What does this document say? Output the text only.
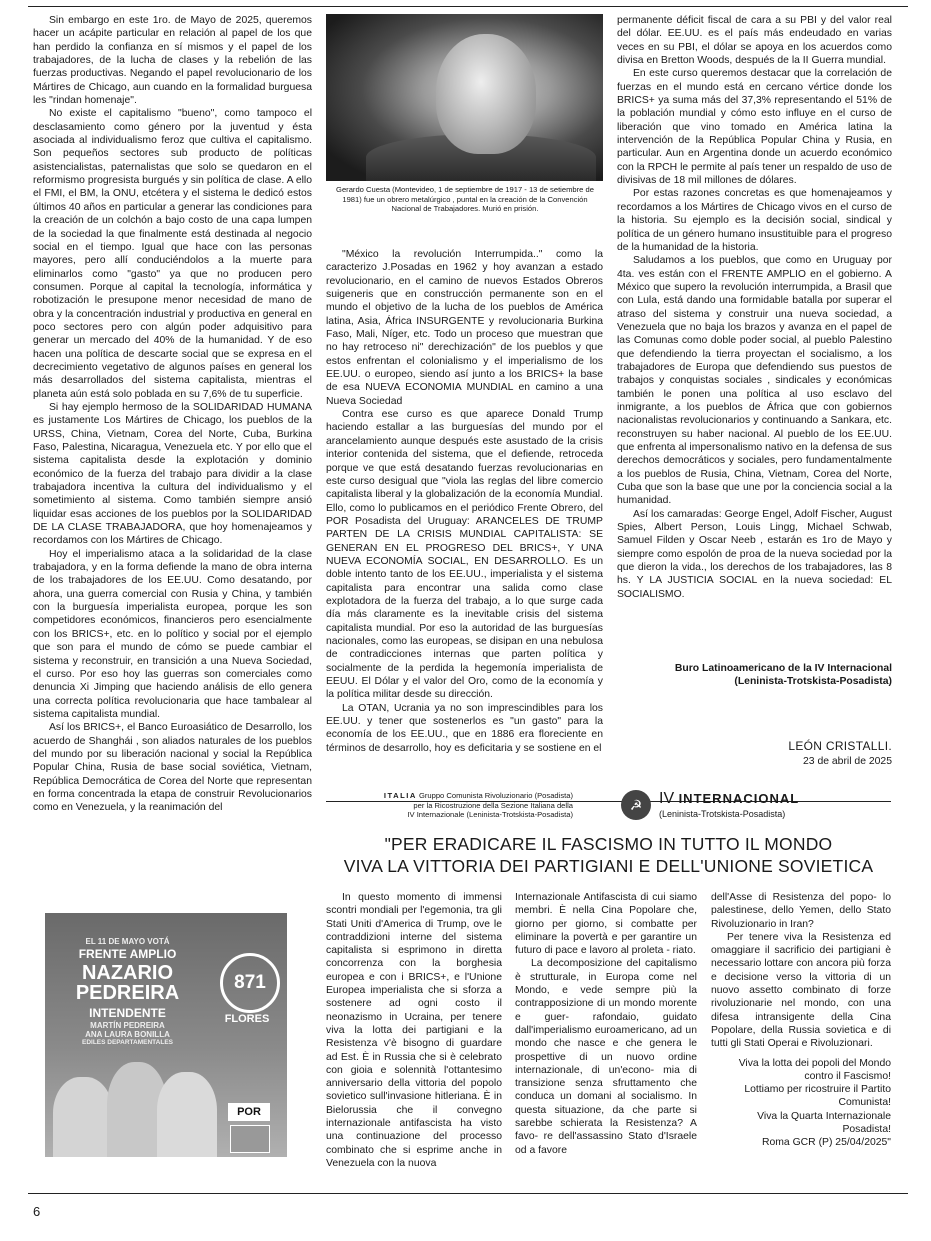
Sin embargo en este 1ro. de Mayo de 2025, queremos hacer un acápite particular en relación al papel de los que han perdido la confianza en sí mismos y el papel de los trabajadores, de la lucha de clases y la rebelión de las fuerzas productivas. Negando el papel revolucionario de los Mártires de Chicago, aun cuando en la formalidad burguesa les "rindan homenaje".

No existe el capitalismo "bueno", como tampoco el desclasamiento como género por la juventud y ésta asociada al individualismo feroz que cultiva el capitalismo. Son pequeños sectores sub producto de políticas asistencialistas, paternalistas que solo se quedaron en el reformismo progresista burgués y sin política de clase. A ello el FMI, el BM, la ONU, etcétera y el sistema le dedicó estos últimos 40 años en particular a generar las condiciones para la creación de un colchón a bajo costo de una capa lumpen de la sociedad la que finalmente está destinada al negocio social en el tiempo. Igual que hace con las personas mayores, pero allí conduciéndolos a la muerte para eliminarlos como "gasto" ya que no producen pero consumen. Porque al capital la tecnología, informática y robotización le presupone menor necesidad de mano de obra y la concentración industrial y productiva en general en poco sectores pero con algún poder adquisitivo para generar un mercado del 40% de la humanidad. Y de eso hacen una política de descarte social que se expresa en el decrecimiento vegetativo de algunos países en general los más desarrollados del sistema capitalista, mientras el planeta aún está solo poblada en su 7,6% de tu superficie.

Si hay ejemplo hermoso de la SOLIDARIDAD HUMANA es justamente Los Mártires de Chicago, los pueblos de la URSS, China, Vietnam, Corea del Norte, Cuba, Burkina Faso, Palestina, Nicaragua, Venezuela etc. Y por ello que el sistema capitalista desde la explotación y dominio económico de la fuerza del trabajo para dividir a la clase trabajadora incentiva la cultura del individualismo y el sometimiento al sistema. Como también siempre ansió liquidar esas acciones de los pueblos por la SOLIDARIDAD DE LA CLASE TRABAJADORA, que hoy homenajeamos y recordamos con los Mártires de Chicago.

Hoy el imperialismo ataca a la solidaridad de la clase trabajadora, y en la forma defiende la mano de obra interna de los trabajadores de los EE.UU. Como desatando, por ahora, una guerra comercial con Rusia y China, y también con la burguesía imperialista europea, porque les son competidores económicos, financieros pero esencialmente con los BRICS+, etc. en lo político y social por el ejemplo que son para el mundo de cómo se puede cambiar el sistema y reconstruir, en transición a una Nueva Sociedad, el curso. Por eso hoy las guerras son comerciales como denuncia Xi Jimping que haciendo análisis de ello genera una correcta política revolucionaria que hace tambalear al sistema capitalista mundial.

Así los BRICS+, el Banco Euroasiático de Desarrollo, los acuerdo de Shanghái , son aliados naturales de los pueblos del mundo por su liberación nacional y social la República Popular China, Rusia de base social soviética, Vietnam, República Democrática de Corea del Norte que representan en forma concentrada la etapa de construir Revolucionarios como en Venezuela, y la reanimación del

Gerardo Cuesta (Montevideo, 1 de septiembre de 1917 - 13 de setiembre de 1981) fue un obrero metalúrgico , puntal en la creación de la Convención Nacional de Trabajadores. Murió en prisión.

"México la revolución Interrumpida.." como la caracterizo J.Posadas en 1962 y hoy avanzan a estado revolucionario, en el camino de nuevos Estados Obreros suigeneris que en construcción permanente son en el mundo el objetivo de la lucha de los pueblos de América latina, Asia, África INSURGENTE y revolucionaria Burkina Faso, Mali, Níger, etc. Todo un proceso que muestran que no hay retroceso ni" derechización" de los pueblos y que estos enfrentan el colonialismo y el imperialismo de los EE.UU. o europeo, siendo así junto a los BRICS+ la base de esa NUEVA ECONOMIA MUNDIAL en camino a una Nueva Sociedad

Contra ese curso es que aparece Donald Trump haciendo estallar a las burguesías del mundo por el arancelamiento aunque después este asustado de la crisis interior contenida del sistema, que el defiende, retroceda porque ve que está desatando fuerzas revolucionarias en este curso desigual que "viola las reglas del libre comercio capitalista liberal y la globalización de la economía Mundial. Ello, como lo publicamos en el periódico Frente Obrero, del POR Posadista del Uruguay: ARANCELES DE TRUMP PARTEN DE LA CRISIS MUNDIAL CAPITALISTA: SE GENERAN EN EL PROGRESO DEL BRICS+, Y UNA NUEVA ECONOMÍA SOCIAL, EN DESARROLLO. Es un doble intento tanto de los EE.UU., imperialista y el sistema capitalista para encontrar una salida como clase explotadora de la fuerza del trabajo, a lo que surge cada día más claramente es la inevitable crisis del sistema capitalista mundial. Por eso la autoridad de las burguesías nacionales, como las europeas, se disipan en una nebulosa de contradicciones internas que parten política y socialmente de la perdida la hegemonía imperialista de EEUU. El Dólar y el valor del Oro, como de la economía y la política militar desde su dirección.

La OTAN, Ucrania ya no son imprescindibles para los EE.UU. y tener que sostenerlos es "un gasto" para la economía de los EE.UU., que en 1886 era floreciente en términos de desarrollo, hoy es deficitaria y se sostiene en el

permanente déficit fiscal de cara a su PBI y del valor real del dólar. EE.UU. es el país más endeudado en varias veces en su PBI, el dólar se apoya en los acuerdos como divisa en Bretton Woods, después de la II Guerra mundial.

En este curso queremos destacar que la correlación de fuerzas en el mundo está en cercano vértice donde los BRICS+ ya suma más del 37,3% representando el 51% de la población mundial y cómo esto influye en el curso de liberación que vino tomado en América latina la intervención de la República Popular China y Rusia, en particular. Aun en Argentina donde un acuerdo económico con la RPCH le permite al país tener un respaldo de uso de divisivas de 18 mil millones de dólares.

Por estas razones concretas es que homenajeamos y recordamos a los Mártires de Chicago vivos en el curso de la historia. Su ejemplo es la decisión social, sindical y política de un género humano insustituible para el progreso de la humanidad de la historia.

Saludamos a los pueblos, que como en Uruguay por 4ta. ves están con el FRENTE AMPLIO en el gobierno. A México que supero la revolución interrumpida, a Brasil que con Lula, está dando una formidable batalla por superar el atraso del sistema y construir una nueva sociedad, a Venezuela que no baja los brazos y avanza en el papel de las Comunas como doble poder social, al pueblo Palestino que defendiendo la tierra proyectan el socialismo, a los trabajadores de Europa que defendiendo sus puestos de trabajos y conquistas sociales , sindicales y económicas también le ponen una política al uso esclavo del inmigrante, a los pueblos de África que con gobiernos nacionalistas revolucionarios y continuando a Sankara, etc. reconstruyen su haber nacional. Al pueblo de los EE.UU. que enfrenta al impersonalismo nativo en la defensa de sus derechos democráticos y sociales, pero fundamentalmente a los pueblos de Rusia, China, Vietnam, Corea del Norte, Cuba que son la base que une por la conciencia social a la humanidad.

Así los camaradas: George Engel, Adolf Fischer, August Spies, Albert Person, Louis Lingg, Michael Schwab, Samuel Filden y Oscar Neeb , estarán es 1ro de Mayo y siempre como espolón de proa de la nueva sociedad por la que dieron la vida., los derechos de los trabajadores, las 8 hs. Y LA JUSTICIA SOCIAL en la nueva sociedad: EL SOCIALISMO.

Buro Latinoamericano de la IV Internacional
(Leninista-Trotskista-Posadista)
LEÓN CRISTALLI.
23 de abril de 2025
ITALIA Gruppo Comunista Rivoluzionario (Posadista)
per la Ricostruzione della Sezione Italiana della
IV Internazionale (Leninista-Trotskista-Posadista)
☭	IV INTERNACIONAL
(Leninista-Trotskista-Posadista)
"PER ERADICARE IL FASCISMO IN TUTTO IL MONDO
VIVA LA VITTORIA DEI PARTIGIANI E DELL'UNIONE SOVIETICA

In questo momento di immensi scontri mondiali per l'egemonia, tra gli Stati Uniti d'America di Trump, ove le contraddizioni interne del sistema capitalista si esprimono in diretta concorrenza con la borghesia europea e con i BRICS+, e l'Unione Europea imperialista che si sforza a sostenere ad ogni costo il neonazismo in Ucraina, per tenere viva la lotta dei partigiani e la Resistenza v'è bisogno di guardare ad Est. È in Russia che si è celebrato con gioia e solennità l'ottantesimo anniversario della vittoria del popolo sovietico sull'invasione hitleriana. È in Bielorussia che il convegno internazionale antifascista ha visto una continuazione del processo combinato che si esprime anche in Venezuela con la nuova

Internazionale Antifascista di cui siamo membri. È nella Cina Popolare che, giorno per giorno, si combatte per eliminare la povertà e per garantire un futuro di pace e lavoro al proleta - riato.

La decomposizione del capitalismo è strutturale, in Europa come nel Mondo, e vede sempre più la contrapposizione di un mondo morente e guer- rafondaio, guidato dall'imperialismo euroamericano, ad un mondo che nasce e che genera le prospettive di un nuovo ordine internazionale, di un'econo- mia di transizione senza sfruttamento che conduca un domani al socialismo. In questa situazione, da che parte si sarebbe schierata la Resistenza? A favo- re dell'assassino Stato d'Israele od a favore

dell'Asse di Resistenza del popo- lo palestinese, dello Yemen, dello Stato Rivoluzionario in Iran?

Per tenere viva la Resistenza ed omaggiare il sacrificio dei partigiani è necessario lottare con ancora più forza e decisione verso la vittoria di un nuovo assetto combinato di forze rivoluzionarie nel mondo, con una difesa intransigente della Cina Popolare, della Russia sovietica e di tutti gli Stati Operai e Rivoluzionari.

Viva la lotta dei popoli del Mondo
contro il Fascismo!
Lottiamo per ricostruire il Partito
Comunista!
Viva la Quarta Internazionale
Posadista!
Roma GCR (P) 25/04/2025"
EL 11 DE MAYO VOTÁ
FRENTE AMPLIO
NAZARIO
PEDREIRA
INTENDENTE
MARTÍN PEDREIRA
ANA LAURA BONILLA
EDILES DEPARTAMENTALES
871
FLORES
POR
6
